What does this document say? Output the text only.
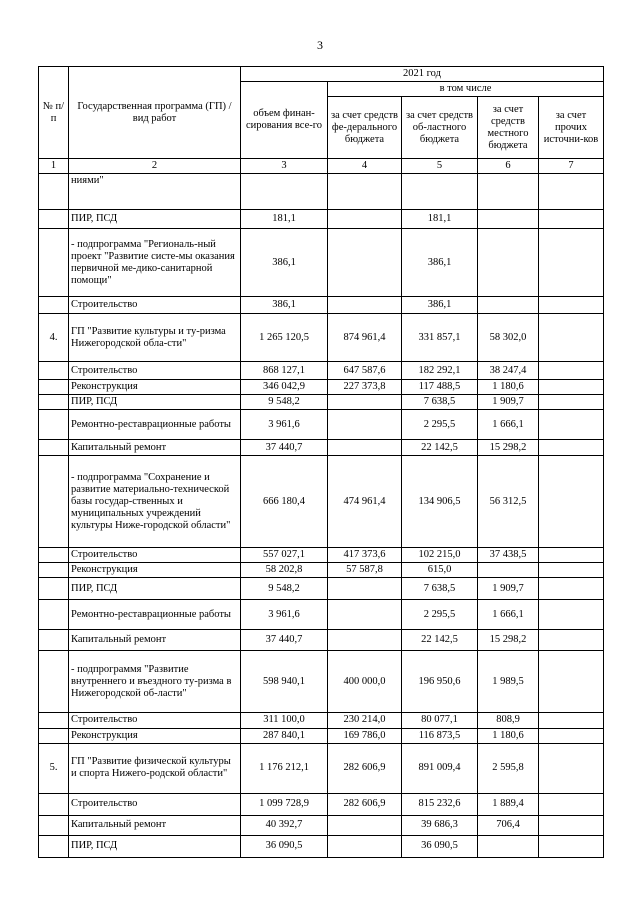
3
№ п/п	Государственная программа (ГП) / вид работ	2021 год				
		объем финан-сирования все-го	в том числе			
			за счет средств фе-дерального бюджета	за счет средств об-ластного бюджета	за счет средств местного бюджета	за счет прочих источни-ков
1	2	3	4	5	6	7
	ниями"					
	ПИР, ПСД	181,1		181,1		
	- подпрограмма "Региональ-ный проект "Развитие систе-мы оказания первичной ме-дико-санитарной помощи"	386,1		386,1		
	Строительство	386,1		386,1		
4.	ГП "Развитие культуры и ту-ризма Нижегородской обла-сти"	1 265 120,5	874 961,4	331 857,1	58 302,0	
	Строительство	868 127,1	647 587,6	182 292,1	38 247,4	
	Реконструкция	346 042,9	227 373,8	117 488,5	1 180,6	
	ПИР, ПСД	9 548,2		7 638,5	1 909,7	
	Ремонтно-реставрационные работы	3 961,6		2 295,5	1 666,1	
	Капитальный ремонт	37 440,7		22 142,5	15 298,2	
	- подпрограмма "Сохранение и развитие материально-технической базы государ-ственных и муниципальных учреждений культуры Ниже-городской области"	666 180,4	474 961,4	134 906,5	56 312,5	
	Строительство	557 027,1	417 373,6	102 215,0	37 438,5	
	Реконструкция	58 202,8	57 587,8	615,0		
	ПИР, ПСД	9 548,2		7 638,5	1 909,7	
	Ремонтно-реставрационные работы	3 961,6		2 295,5	1 666,1	
	Капитальный ремонт	37 440,7		22 142,5	15 298,2	
	- подпрограммя "Развитие внутреннего и въездного ту-ризма в Нижегородской об-ласти"	598 940,1	400 000,0	196 950,6	1 989,5	
	Строительство	311 100,0	230 214,0	80 077,1	808,9	
	Реконструкция	287 840,1	169 786,0	116 873,5	1 180,6	
5.	ГП "Развитие физической культуры и спорта Нижего-родской области"	1 176 212,1	282 606,9	891 009,4	2 595,8	
	Строительство	1 099 728,9	282 606,9	815 232,6	1 889,4	
	Капитальный ремонт	40 392,7		39 686,3	706,4	
	ПИР, ПСД	36 090,5		36 090,5		
